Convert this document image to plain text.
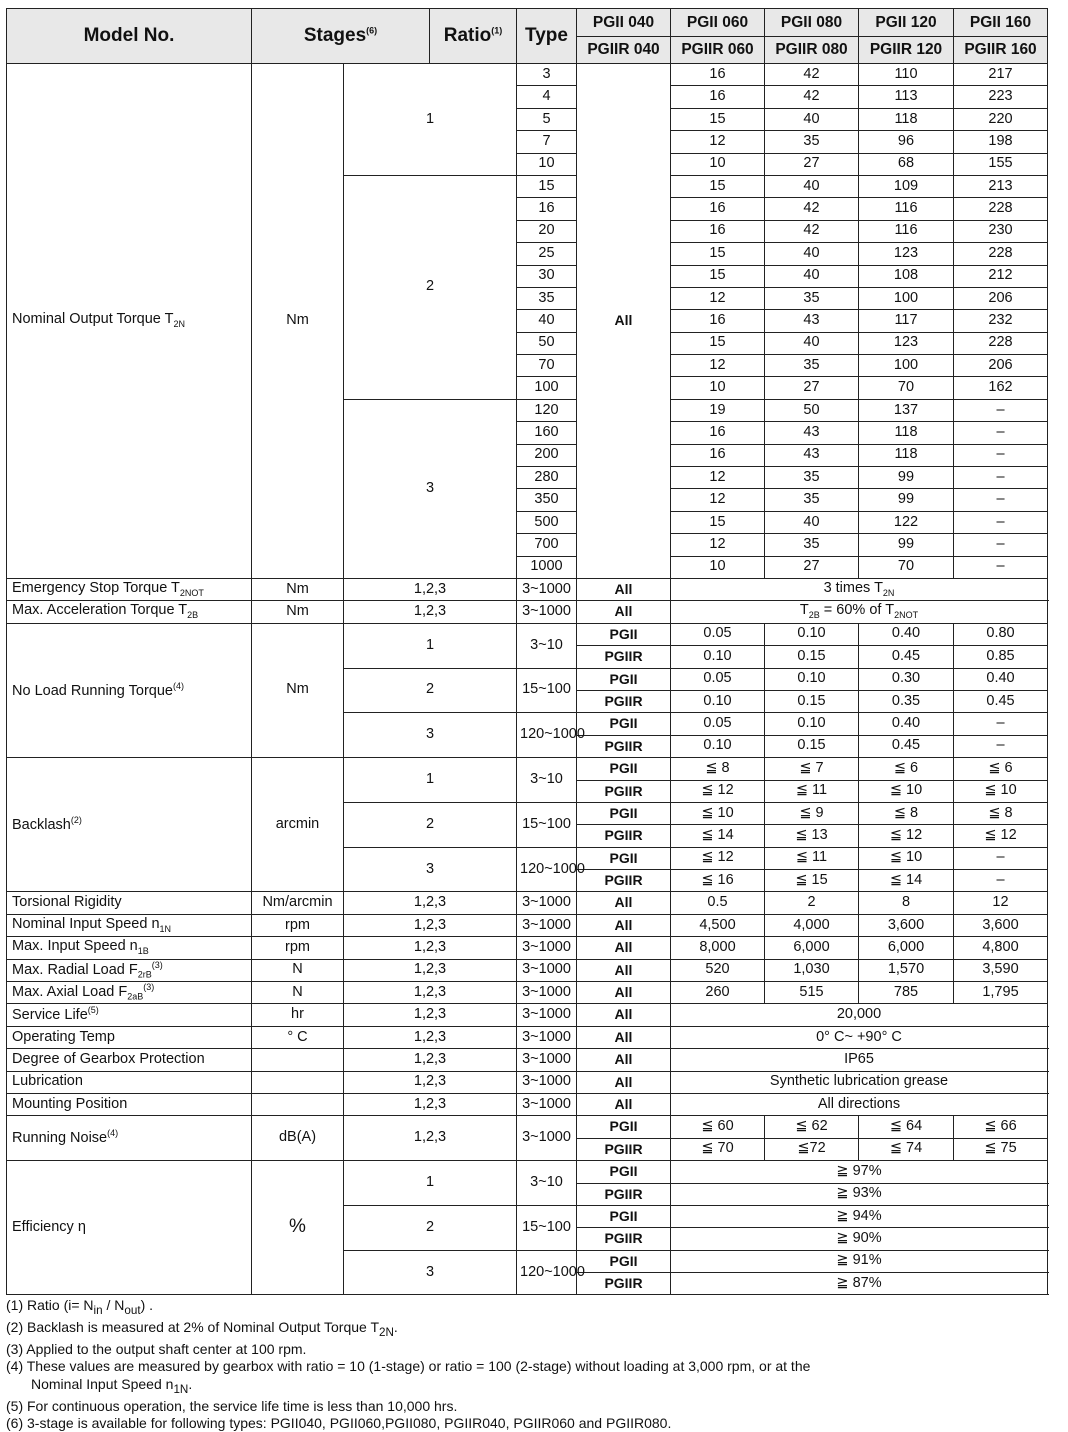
Model No.	Stages$^{(6)}$		Ratio$^{(1)}$	Type	PGII 040	PGII 060	PGII 080	PGII 120	PGII 160	
					PGIIR 040	PGIIR 060	PGIIR 080	PGIIR 120	PGIIR 160	
Nominal Output Torque $T_{2N}$	Nm	1		3	All	16	42	110	217	
				4		16	42	113	223	
				5		15	40	118	220	
				7		12	35	96	198	
				10		10	27	68	155	
		2		15		15	40	109	213	
				16		16	42	116	228	
				20		16	42	116	230	
				25		15	40	123	228	
				30		15	40	108	212	
				35		12	35	100	206	
				40		16	43	117	232	
				50		15	40	123	228	
				70		12	35	100	206	
				100		10	27	70	162	
		3		120		19	50	137	–	
				160		16	43	118	–	
				200		16	43	118	–	
				280		12	35	99	–	
				350		12	35	99	–	
				500		15	40	122	–	
				700		12	35	99	–	
				1000		10	27	70	–	
Emergency Stop Torque $T_{2NOT}$	Nm	1,2,3		3~1000	All	3 times $T_{2N}$
Max. Acceleration Torque $T_{2B}$	Nm	1,2,3		3~1000	All	$T_{2B} = 60\%$ of $T_{2NOT}$
No Load Running Torque$^{(4)}$	Nm	1		3~10	PGII	0.05	0.10	0.40	0.80	
					PGIIR	0.10	0.15	0.45	0.85	
		2		15~100	PGII	0.05	0.10	0.30	0.40	
					PGIIR	0.10	0.15	0.35	0.45	
		3		120~1000	PGII	0.05	0.10	0.40	–	
					PGIIR	0.10	0.15	0.45	–	
Backlash$^{(2)}$	arcmin	1		3~10	PGII	≦ 8	≦ 7	≦ 6	≦ 6	
					PGIIR	≦ 12	≦ 11	≦ 10	≦ 10	
		2		15~100	PGII	≦ 10	≦ 9	≦ 8	≦ 8	
					PGIIR	≦ 14	≦ 13	≦ 12	≦ 12	
		3		120~1000	PGII	≦ 12	≦ 11	≦ 10	–	
					PGIIR	≦ 16	≦ 15	≦ 14	–	
Torsional Rigidity	Nm/arcmin	1,2,3		3~1000	All	0.5	2	8	12	
Nominal Input Speed $n_{1N}$	rpm	1,2,3		3~1000	All	4,500	4,000	3,600	3,600	
Max. Input Speed $n_{1B}$	rpm	1,2,3		3~1000	All	8,000	6,000	6,000	4,800	
Max. Radial Load $F_{2rB}^{(3)}$	N	1,2,3		3~1000	All	520	1,030	1,570	3,590	
Max. Axial Load $F_{2aB}^{(3)}$	N	1,2,3		3~1000	All	260	515	785	1,795	
Service Life$^{(5)}$	hr	1,2,3		3~1000	All	20,000				
Operating Temp	° C	1,2,3		3~1000	All	0° C~ +90° C				
Degree of Gearbox Protection		1,2,3		3~1000	All	IP65				
Lubrication		1,2,3		3~1000	All	Synthetic lubrication grease				
Mounting Position		1,2,3		3~1000	All	All directions				
Running Noise$^{(4)}$	dB(A)	1,2,3		3~1000	PGII	≦ 60	≦ 62	≦ 64	≦ 66	
					PGIIR	≦ 70	≦72	≦ 74	≦ 75	
Efficiency η	%	1		3~10	PGII	≧ 97%				
					PGIIR	≧ 93%				
		2		15~100	PGII	≧ 94%				
					PGIIR	≧ 90%				
		3		120~1000	PGII	≧ 91%				
					PGIIR	≧ 87%				

(1) Ratio $(i= N_{in} / N_{out})$ .

(2) Backlash is measured at 2% of Nominal Output Torque $T_{2N}$.

(3) Applied to the output shaft center at 100 rpm.

(4) These values are measured by gearbox with ratio = 10 (1-stage) or ratio = 100 (2-stage) without loading at 3,000 rpm, or at the

Nominal Input Speed $n_{1N}$.

(5) For continuous operation, the service life time is less than 10,000 hrs.

(6) 3-stage is available for following types: PGII040, PGII060,PGII080, PGIIR040, PGIIR060 and PGIIR080.
